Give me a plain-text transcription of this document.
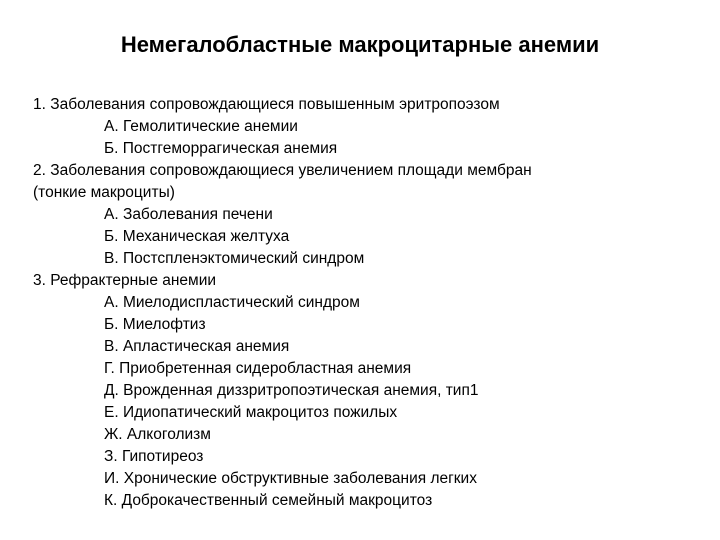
Немегалобластные макроцитарные анемии
1. Заболевания сопровождающиеся повышенным эритропоэзом
А. Гемолитические анемии
Б. Постгеморрагическая анемия
2. Заболевания сопровождающиеся увеличением площади мембран
(тонкие макроциты)
А. Заболевания печени
Б. Механическая желтуха
В. Постспленэктомический синдром
3. Рефрактерные анемии
А. Миелодиспластический синдром
Б. Миелофтиз
В. Апластическая анемия
Г. Приобретенная сидеробластная анемия
Д. Врожденная диззритропоэтическая анемия, тип1
Е. Идиопатический макроцитоз пожилых
Ж. Алкоголизм
З. Гипотиреоз
И. Хронические обструктивные заболевания легких
К. Доброкачественный семейный макроцитоз
